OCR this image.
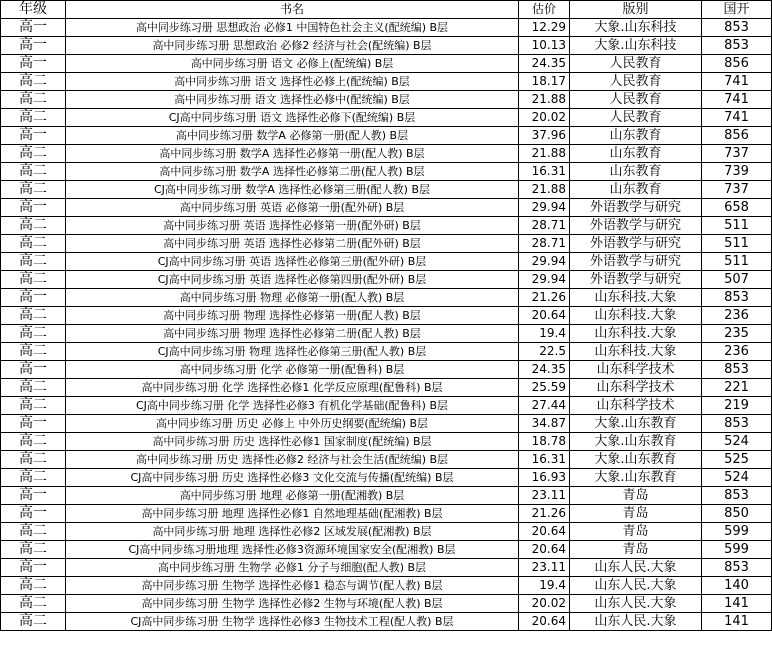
年级	书名	估价	版别	国开
高一	高中同步练习册 思想政治 必修1 中国特色社会主义(配统编) B层	12.29	大象.山东科技	853
高一	高中同步练习册 思想政治 必修2 经济与社会(配统编) B层	10.13	大象.山东科技	853
高一	高中同步练习册 语文 必修上(配统编) B层	24.35	人民教育	856
高二	高中同步练习册 语文 选择性必修上(配统编) B层	18.17	人民教育	741
高二	高中同步练习册 语文 选择性必修中(配统编) B层	21.88	人民教育	741
高二	CJ高中同步练习册 语文 选择性必修下(配统编) B层	20.02	人民教育	741
高一	高中同步练习册 数学A 必修第一册(配人教) B层	37.96	山东教育	856
高二	高中同步练习册 数学A 选择性必修第一册(配人教) B层	21.88	山东教育	737
高二	高中同步练习册 数学A 选择性必修第二册(配人教) B层	16.31	山东教育	739
高二	CJ高中同步练习册 数学A 选择性必修第三册(配人教) B层	21.88	山东教育	737
高一	高中同步练习册 英语 必修第一册(配外研) B层	29.94	外语教学与研究	658
高二	高中同步练习册 英语 选择性必修第一册(配外研) B层	28.71	外语教学与研究	511
高二	高中同步练习册 英语 选择性必修第二册(配外研) B层	28.71	外语教学与研究	511
高二	CJ高中同步练习册 英语 选择性必修第三册(配外研) B层	29.94	外语教学与研究	511
高二	CJ高中同步练习册 英语 选择性必修第四册(配外研) B层	29.94	外语教学与研究	507
高一	高中同步练习册 物理 必修第一册(配人教) B层	21.26	山东科技.大象	853
高二	高中同步练习册 物理 选择性必修第一册(配人教) B层	20.64	山东科技.大象	236
高二	高中同步练习册 物理 选择性必修第二册(配人教) B层	19.4	山东科技.大象	235
高二	CJ高中同步练习册 物理 选择性必修第三册(配人教) B层	22.5	山东科技.大象	236
高一	高中同步练习册 化学 必修第一册(配鲁科) B层	24.35	山东科学技术	853
高二	高中同步练习册 化学 选择性必修1 化学反应原理(配鲁科) B层	25.59	山东科学技术	221
高二	CJ高中同步练习册 化学 选择性必修3 有机化学基础(配鲁科) B层	27.44	山东科学技术	219
高一	高中同步练习册 历史 必修上 中外历史纲要(配统编) B层	34.87	大象.山东教育	853
高二	高中同步练习册 历史 选择性必修1 国家制度(配统编) B层	18.78	大象.山东教育	524
高二	高中同步练习册 历史 选择性必修2 经济与社会生活(配统编) B层	16.31	大象.山东教育	525
高二	CJ高中同步练习册 历史 选择性必修3 文化交流与传播(配统编) B层	16.93	大象.山东教育	524
高一	高中同步练习册 地理 必修第一册(配湘教) B层	23.11	青岛	853
高一	高中同步练习册 地理 选择性必修1 自然地理基础(配湘教) B层	21.26	青岛	850
高二	高中同步练习册 地理 选择性必修2 区域发展(配湘教) B层	20.64	青岛	599
高二	CJ高中同步练习册地理 选择性必修3资源环境国家安全(配湘教) B层	20.64	青岛	599
高一	高中同步练习册 生物学 必修1 分子与细胞(配人教) B层	23.11	山东人民.大象	853
高二	高中同步练习册 生物学 选择性必修1 稳态与调节(配人教) B层	19.4	山东人民.大象	140
高二	高中同步练习册 生物学 选择性必修2 生物与环境(配人教) B层	20.02	山东人民.大象	141
高二	CJ高中同步练习册 生物学 选择性必修3 生物技术工程(配人教) B层	20.64	山东人民.大象	141
